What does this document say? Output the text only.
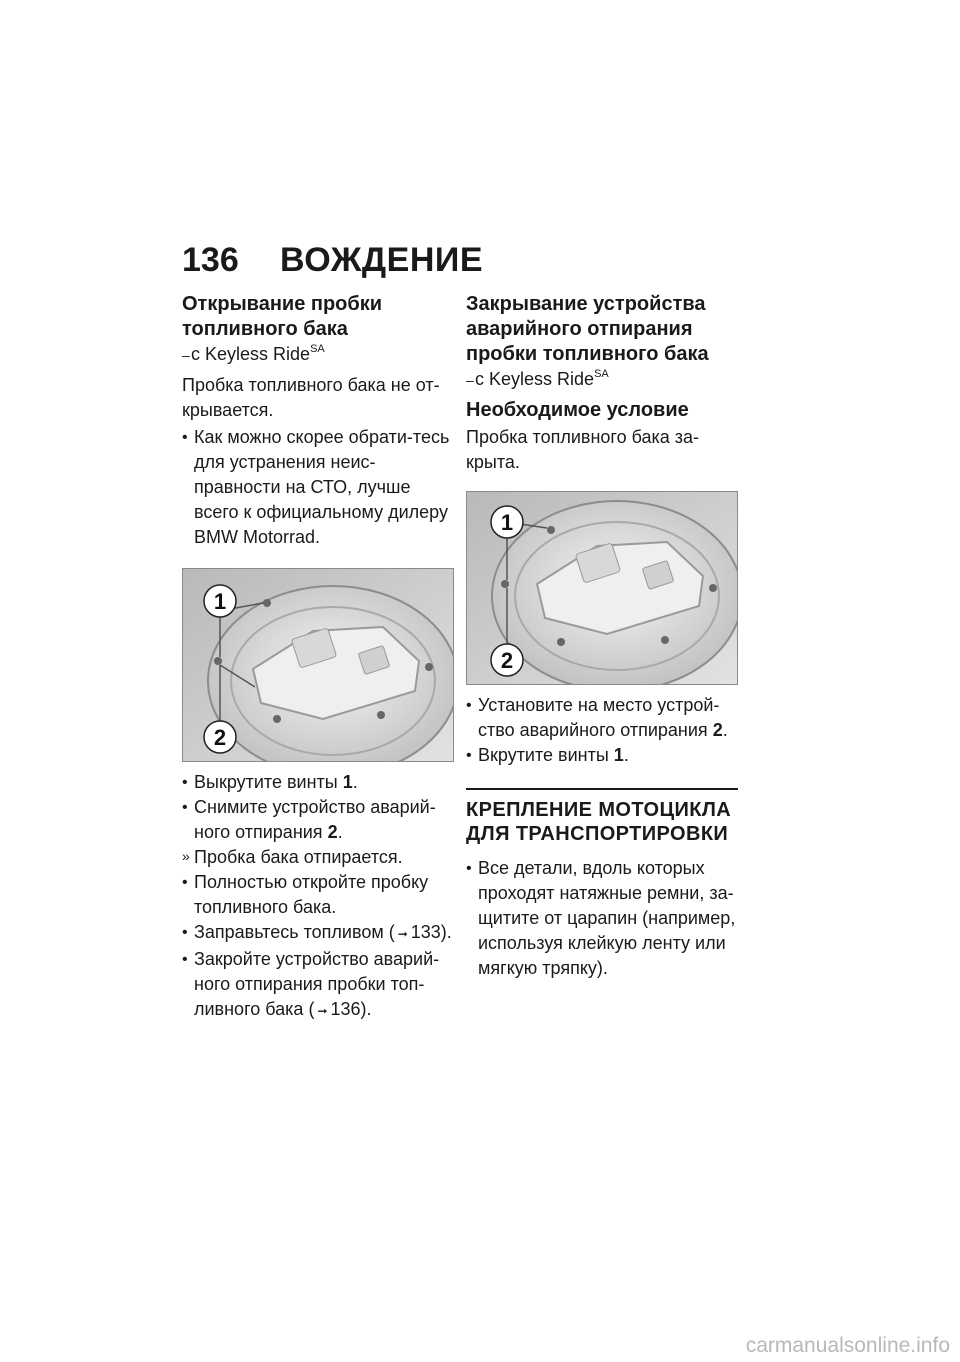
136 ВОЖДЕНИЕ
Открывание пробки топливного бака
–с Keyless Ride$^{SA}$

Пробка топливного бака не от-крывается.

• Как можно скорее обрати-тесь для устранения неис-правности на СТО, лучше всего к официальному дилеру BMW Motorrad.
1
2
• Выкрутите винты 1.
• Снимите устройство аварий-ного отпирания 2.
» Пробка бака отпирается.
• Полностью откройте пробку топливного бака.
• Заправьтесь топливом ( ➞ 133).
• Закройте устройство аварий-ного отпирания пробки топ-ливного бака ( ➞ 136).
Закрывание устройства аварийного отпирания пробки топливного бака
–с Keyless Ride$^{SA}$
Необходимое условие

Пробка топливного бака за-крыта.

1
2
• Установите на место устрой-ство аварийного отпирания 2.
• Вкрутите винты 1.
КРЕПЛЕНИЕ МОТОЦИКЛА ДЛЯ ТРАНСПОРТИРОВКИ
• Все детали, вдоль которых проходят натяжные ремни, за-щитите от царапин (например, используя клейкую ленту или мягкую тряпку).
carmanualsonline.info
